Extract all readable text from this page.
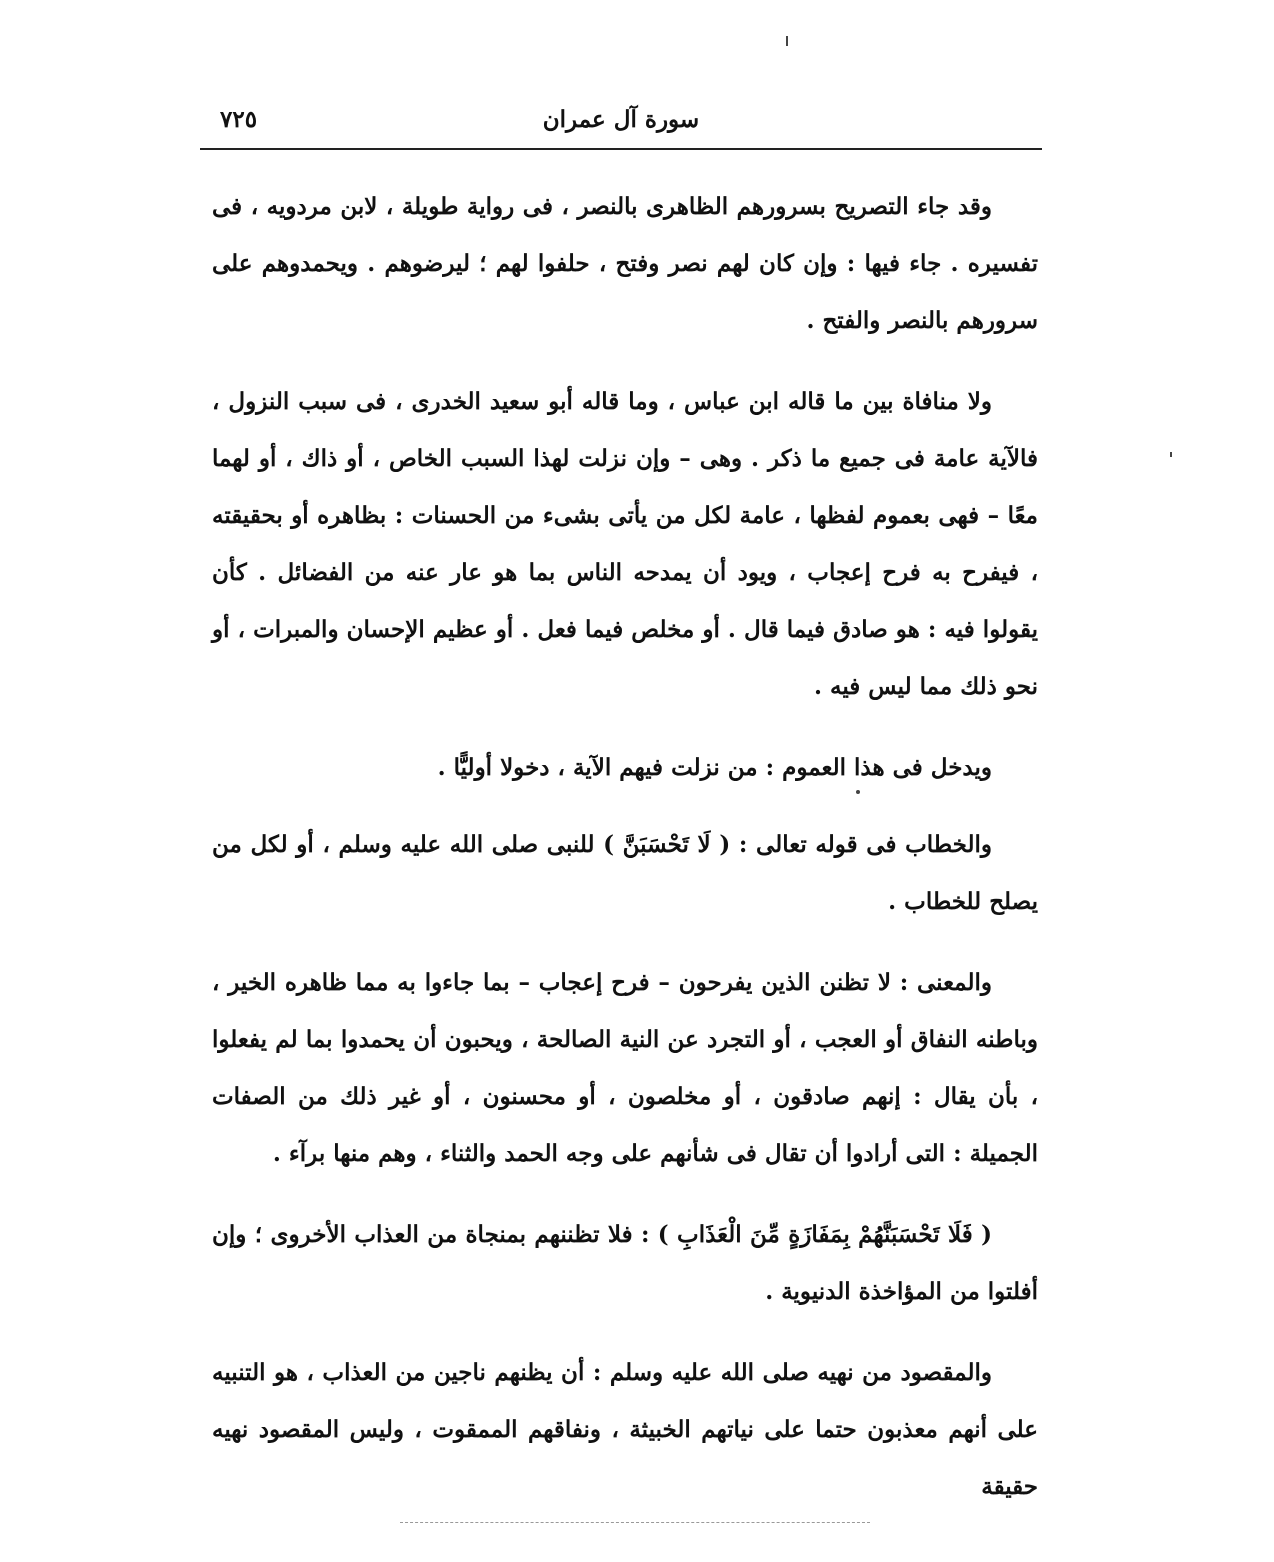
سورة آل عمران
٧٢٥

وقد جاء التصريح بسرورهم الظاهرى بالنصر ، فى رواية طويلة ، لابن مردويه ، فى تفسيره . جاء فيها : وإن كان لهم نصر وفتح ، حلفوا لهم ؛ ليرضوهم . ويحمدوهم على سرورهم بالنصر والفتح .

ولا منافاة بين ما قاله ابن عباس ، وما قاله أبو سعيد الخدرى ، فى سبب النزول ، فالآية عامة فى جميع ما ذكر . وهى – وإن نزلت لهذا السبب الخاص ، أو ذاك ، أو لهما معًا – فهى بعموم لفظها ، عامة لكل من يأتى بشىء من الحسنات : بظاهره أو بحقيقته ، فيفرح به فرح إعجاب ، ويود أن يمدحه الناس بما هو عار عنه من الفضائل . كأن يقولوا فيه : هو صادق فيما قال . أو مخلص فيما فعل . أو عظيم الإحسان والمبرات ، أو نحو ذلك مما ليس فيه .

ويدخل فى هذا العموم : من نزلت فيهم الآية ، دخولا أوليًّا .

والخطاب فى قوله تعالى : ( لَا تَحْسَبَنَّ ) للنبى صلى الله عليه وسلم ، أو لكل من يصلح للخطاب .

والمعنى : لا تظنن الذين يفرحون – فرح إعجاب – بما جاءوا به مما ظاهره الخير ، وباطنه النفاق أو العجب ، أو التجرد عن النية الصالحة ، ويحبون أن يحمدوا بما لم يفعلوا ، بأن يقال : إنهم صادقون ، أو مخلصون ، أو محسنون ، أو غير ذلك من الصفات الجميلة : التى أرادوا أن تقال فى شأنهم على وجه الحمد والثناء ، وهم منها برآء .

( فَلَا تَحْسَبَنَّهُمْ بِمَفَازَةٍ مِّنَ الْعَذَابِ ) : فلا تظننهم بمنجاة من العذاب الأخروى ؛ وإن أفلتوا من المؤاخذة الدنيوية .

والمقصود من نهيه صلى الله عليه وسلم : أن يظنهم ناجين من العذاب ، هو التنبيه على أنهم معذبون حتما على نياتهم الخبيثة ، ونفاقهم الممقوت ، وليس المقصود نهيه حقيقة
